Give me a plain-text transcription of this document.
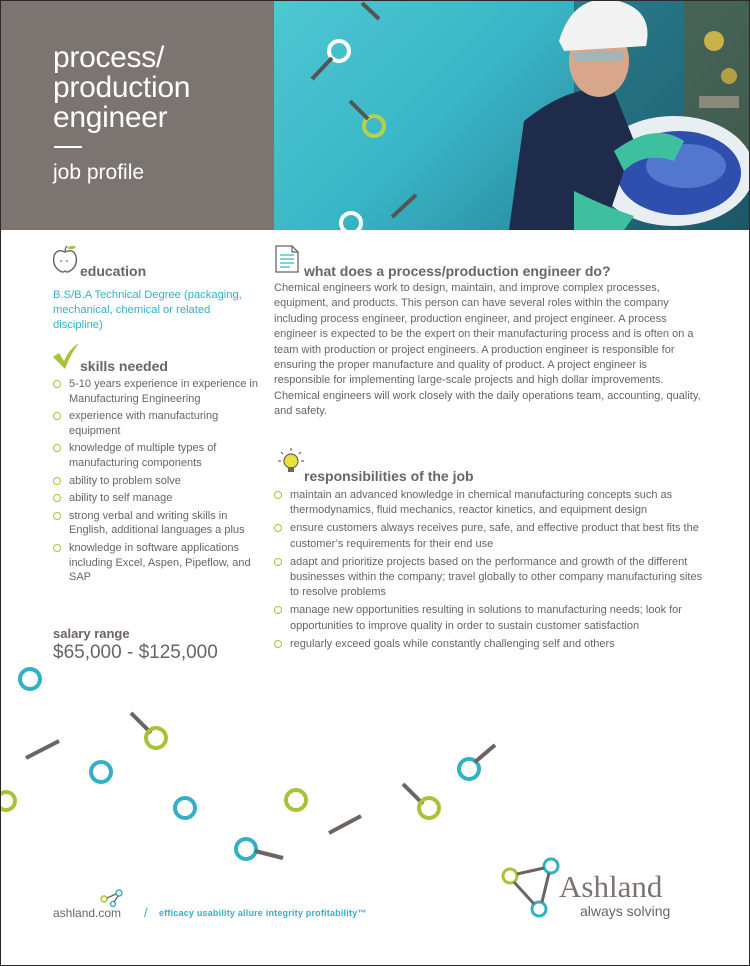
process/
production
engineer
job profile
education
B.S/B.A Technical Degree (packaging, mechanical, chemical or related discipline)
skills needed
5-10 years experience in experience in Manufacturing Engineering
experience with manufacturing equipment
knowledge of multiple types of manufacturing components
ability to problem solve
ability to self manage
strong verbal and writing skills in English, additional languages a plus
knowledge in software applications including Excel, Aspen, Pipeflow, and SAP
salary range
$65,000 - $125,000
what does a process/production engineer do?

Chemical engineers work to design, maintain, and improve complex processes, equipment, and products. This person can have several roles within the company including process engineer, production engineer, and project engineer. A process engineer is expected to be the expert on their manufacturing process and is often on a team with production or project engineers. A production engineer is responsible for ensuring the proper manufacture and quality of product. A project engineer is responsible for implementing large-scale projects and high dollar improvements. Chemical engineers will work closely with the daily operations team, accounting, quality, and safety.

responsibilities of the job
maintain an advanced knowledge in chemical manufacturing concepts such as thermodynamics, fluid mechanics, reactor kinetics, and equipment design
ensure customers always receives pure, safe, and effective product that best fits the customer’s requirements for their end use
adapt and prioritize projects based on the performance and growth of the different businesses within the company; travel globally to other company manufacturing sites to resolve problems
manage new opportunities resulting in solutions to manufacturing needs; look for opportunities to improve quality in order to sustain customer satisfaction
regularly exceed goals while constantly challenging self and others
ashland.com / efficacy usability allure integrity profitability™
Ashland
always solving
